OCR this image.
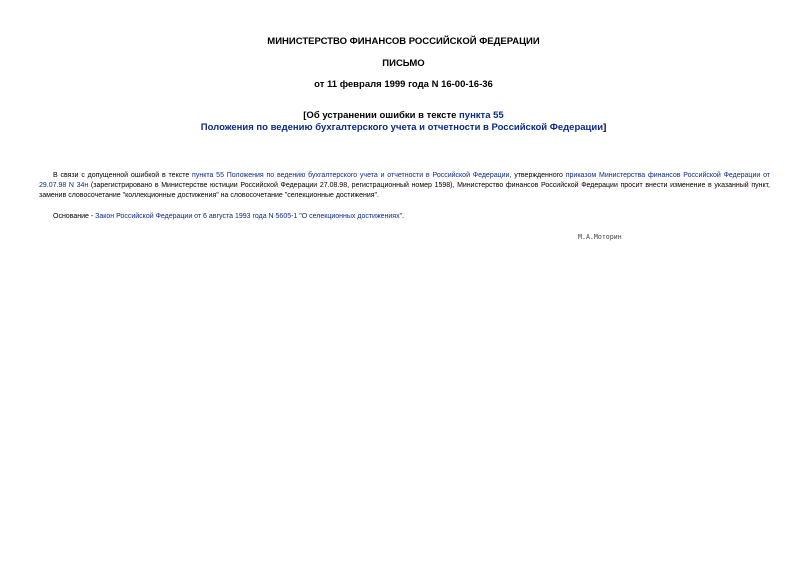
МИНИСТЕРСТВО ФИНАНСОВ РОССИЙСКОЙ ФЕДЕРАЦИИ
ПИСЬМО
от 11 февраля 1999 года N 16-00-16-36
[Об устранении ошибки в тексте пункта 55
Положения по ведению бухгалтерского учета и отчетности в Российской Федерации]
В связи с допущенной ошибкой в тексте пункта 55 Положения по ведению бухгалтерского учета и отчетности в Российской Федерации, утвержденного приказом Министерства финансов Российской Федерации от 29.07.98 N 34н (зарегистрировано в Министерстве юстиции Российской Федерации 27.08.98, регистрационный номер 1598), Министерство финансов Российской Федерации просит внести изменение в указанный пункт, заменив словосочетание "коллекционные достижения" на словосочетание "селекционные достижения".
Основание - Закон Российской Федерации от 6 августа 1993 года N 5605-1 "О селекционных достижениях".
М.А.Моторин
